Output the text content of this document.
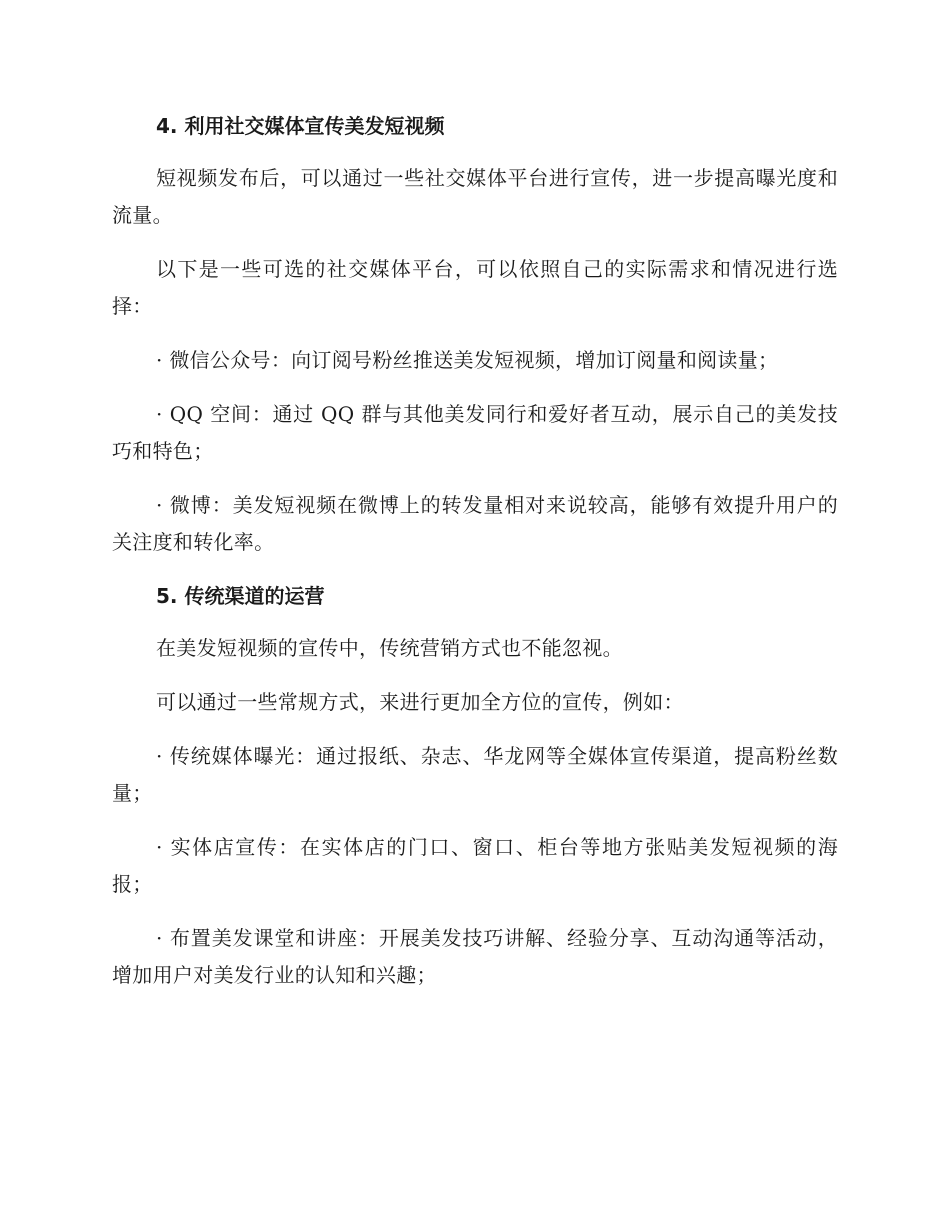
4. 利用社交媒体宣传美发短视频

短视频发布后，可以通过一些社交媒体平台进行宣传，进一步提高曝光度和流量。

以下是一些可选的社交媒体平台，可以依照自己的实际需求和情况进行选择：

· 微信公众号：向订阅号粉丝推送美发短视频，增加订阅量和阅读量；

· QQ 空间：通过 QQ 群与其他美发同行和爱好者互动，展示自己的美发技巧和特色；

· 微博：美发短视频在微博上的转发量相对来说较高，能够有效提升用户的关注度和转化率。

5. 传统渠道的运营

在美发短视频的宣传中，传统营销方式也不能忽视。

可以通过一些常规方式，来进行更加全方位的宣传，例如：

· 传统媒体曝光：通过报纸、杂志、华龙网等全媒体宣传渠道，提高粉丝数量；

· 实体店宣传：在实体店的门口、窗口、柜台等地方张贴美发短视频的海报；

· 布置美发课堂和讲座：开展美发技巧讲解、经验分享、互动沟通等活动，增加用户对美发行业的认知和兴趣；
